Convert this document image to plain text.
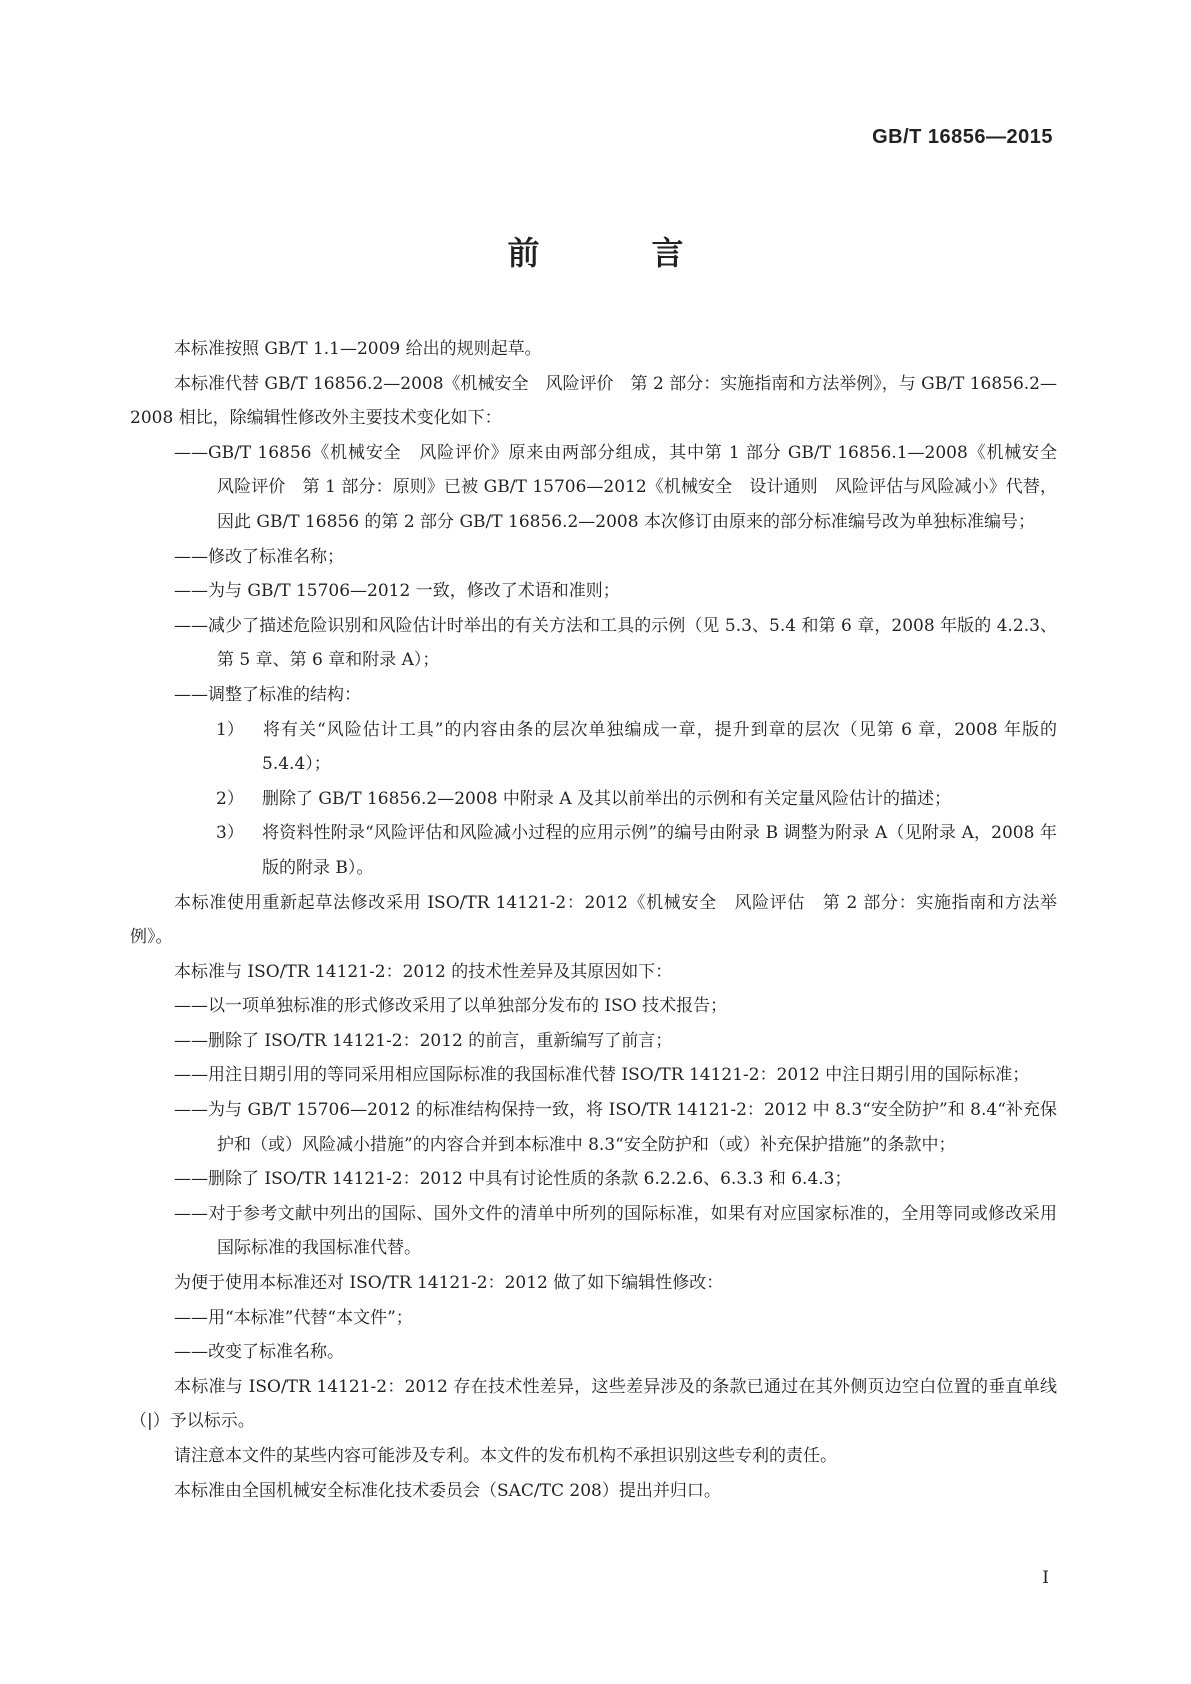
GB/T 16856—2015
前　言

本标准按照 GB/T 1.1—2009 给出的规则起草。

本标准代替 GB/T 16856.2—2008《机械安全　风险评价　第 2 部分：实施指南和方法举例》，与 GB/T 16856.2—2008 相比，除编辑性修改外主要技术变化如下：

——GB/T 16856《机械安全　风险评价》原来由两部分组成，其中第 1 部分 GB/T 16856.1—2008《机械安全　风险评价　第 1 部分：原则》已被 GB/T 15706—2012《机械安全　设计通则　风险评估与风险减小》代替，因此 GB/T 16856 的第 2 部分 GB/T 16856.2—2008 本次修订由原来的部分标准编号改为单独标准编号；

——修改了标准名称；

——为与 GB/T 15706—2012 一致，修改了术语和准则；

——减少了描述危险识别和风险估计时举出的有关方法和工具的示例（见 5.3、5.4 和第 6 章，2008 年版的 4.2.3、第 5 章、第 6 章和附录 A）；

——调整了标准的结构：

1） 将有关“风险估计工具”的内容由条的层次单独编成一章，提升到章的层次（见第 6 章，2008 年版的 5.4.4）；

2） 删除了 GB/T 16856.2—2008 中附录 A 及其以前举出的示例和有关定量风险估计的描述；

3） 将资料性附录“风险评估和风险减小过程的应用示例”的编号由附录 B 调整为附录 A（见附录 A，2008 年版的附录 B）。

本标准使用重新起草法修改采用 ISO/TR 14121-2：2012《机械安全　风险评估　第 2 部分：实施指南和方法举例》。

本标准与 ISO/TR 14121-2：2012 的技术性差异及其原因如下：

——以一项单独标准的形式修改采用了以单独部分发布的 ISO 技术报告；

——删除了 ISO/TR 14121-2：2012 的前言，重新编写了前言；

——用注日期引用的等同采用相应国际标准的我国标准代替 ISO/TR 14121-2：2012 中注日期引用的国际标准；

——为与 GB/T 15706—2012 的标准结构保持一致，将 ISO/TR 14121-2：2012 中 8.3“安全防护”和 8.4“补充保护和（或）风险减小措施”的内容合并到本标准中 8.3“安全防护和（或）补充保护措施”的条款中；

——删除了 ISO/TR 14121-2：2012 中具有讨论性质的条款 6.2.2.6、6.3.3 和 6.4.3；

——对于参考文献中列出的国际、国外文件的清单中所列的国际标准，如果有对应国家标准的，全用等同或修改采用国际标准的我国标准代替。

为便于使用本标准还对 ISO/TR 14121-2：2012 做了如下编辑性修改：

——用“本标准”代替“本文件”；

——改变了标准名称。

本标准与 ISO/TR 14121-2：2012 存在技术性差异，这些差异涉及的条款已通过在其外侧页边空白位置的垂直单线（|）予以标示。

请注意本文件的某些内容可能涉及专利。本文件的发布机构不承担识别这些专利的责任。

本标准由全国机械安全标准化技术委员会（SAC/TC 208）提出并归口。

I
